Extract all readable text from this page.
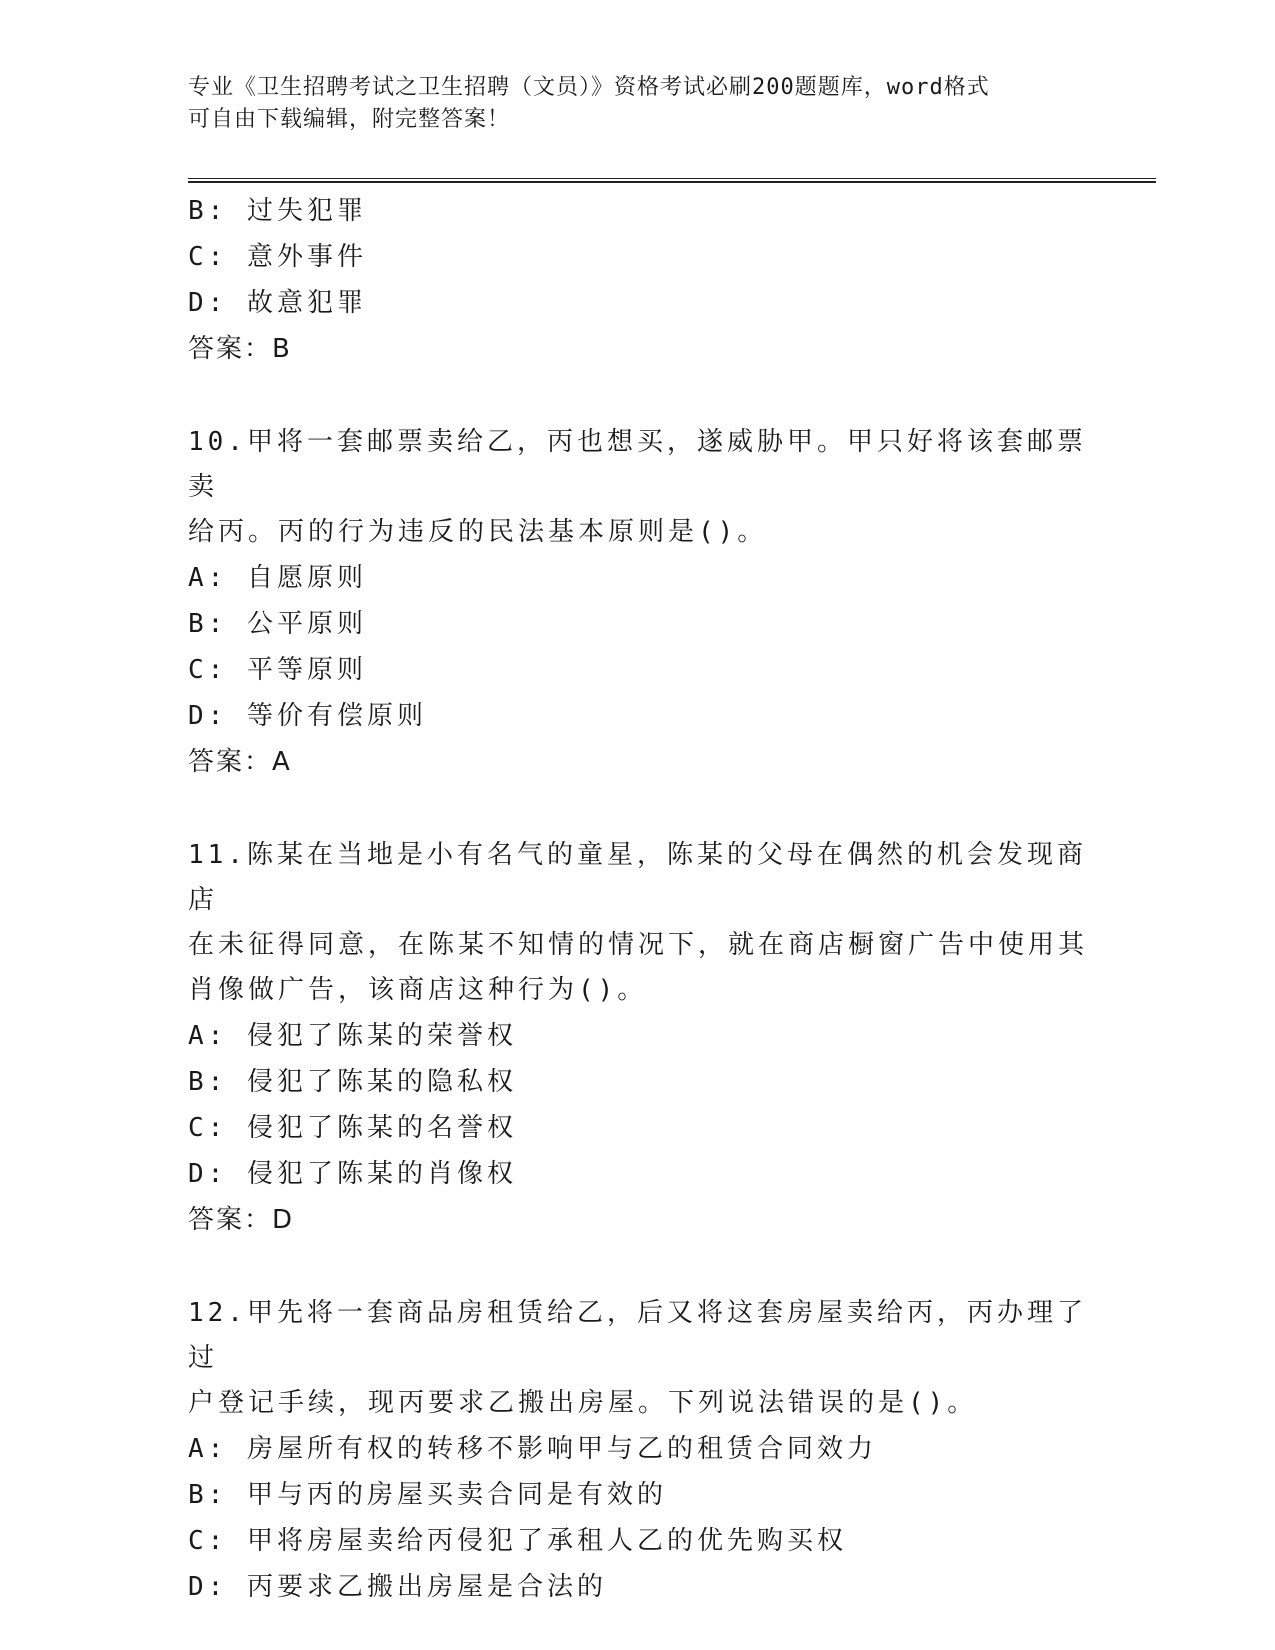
专业《卫生招聘考试之卫生招聘（文员）》资格考试必刷200题题库，word格式
可自由下载编辑，附完整答案！
B: 过失犯罪
C: 意外事件
D: 故意犯罪
答案：B
10.甲将一套邮票卖给乙，丙也想买，遂威胁甲。甲只好将该套邮票卖
给丙。丙的行为违反的民法基本原则是()。
A: 自愿原则
B: 公平原则
C: 平等原则
D: 等价有偿原则
答案：A
11.陈某在当地是小有名气的童星，陈某的父母在偶然的机会发现商店
在未征得同意，在陈某不知情的情况下，就在商店橱窗广告中使用其
肖像做广告，该商店这种行为()。
A: 侵犯了陈某的荣誉权
B: 侵犯了陈某的隐私权
C: 侵犯了陈某的名誉权
D: 侵犯了陈某的肖像权
答案：D
12.甲先将一套商品房租赁给乙，后又将这套房屋卖给丙，丙办理了过
户登记手续，现丙要求乙搬出房屋。下列说法错误的是()。
A: 房屋所有权的转移不影响甲与乙的租赁合同效力
B: 甲与丙的房屋买卖合同是有效的
C: 甲将房屋卖给丙侵犯了承租人乙的优先购买权
D: 丙要求乙搬出房屋是合法的
